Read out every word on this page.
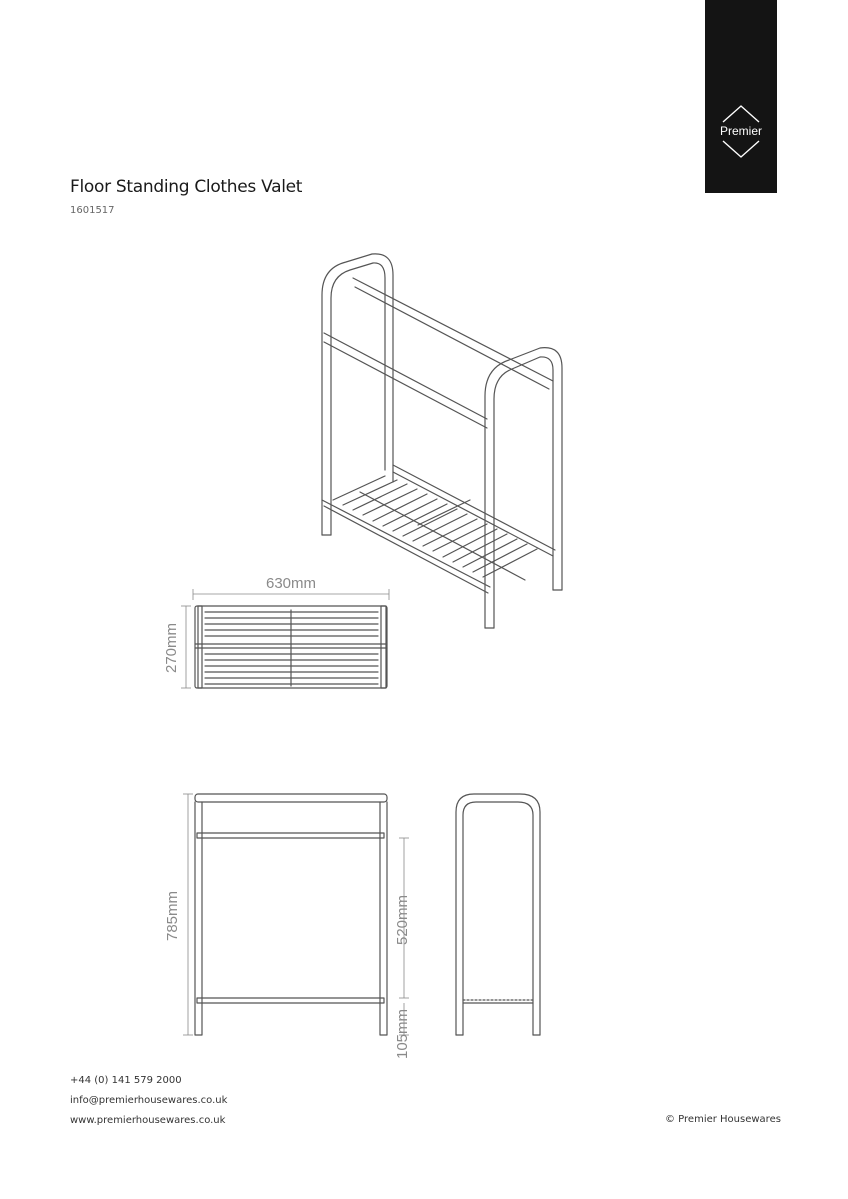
Premier
Floor Standing Clothes Valet
1601517
630mm
270mm
785mm	520mm
105mm
+44 (0) 141 579 2000
info@premierhousewares.co.uk
www.premierhousewares.co.uk	© Premier Housewares
